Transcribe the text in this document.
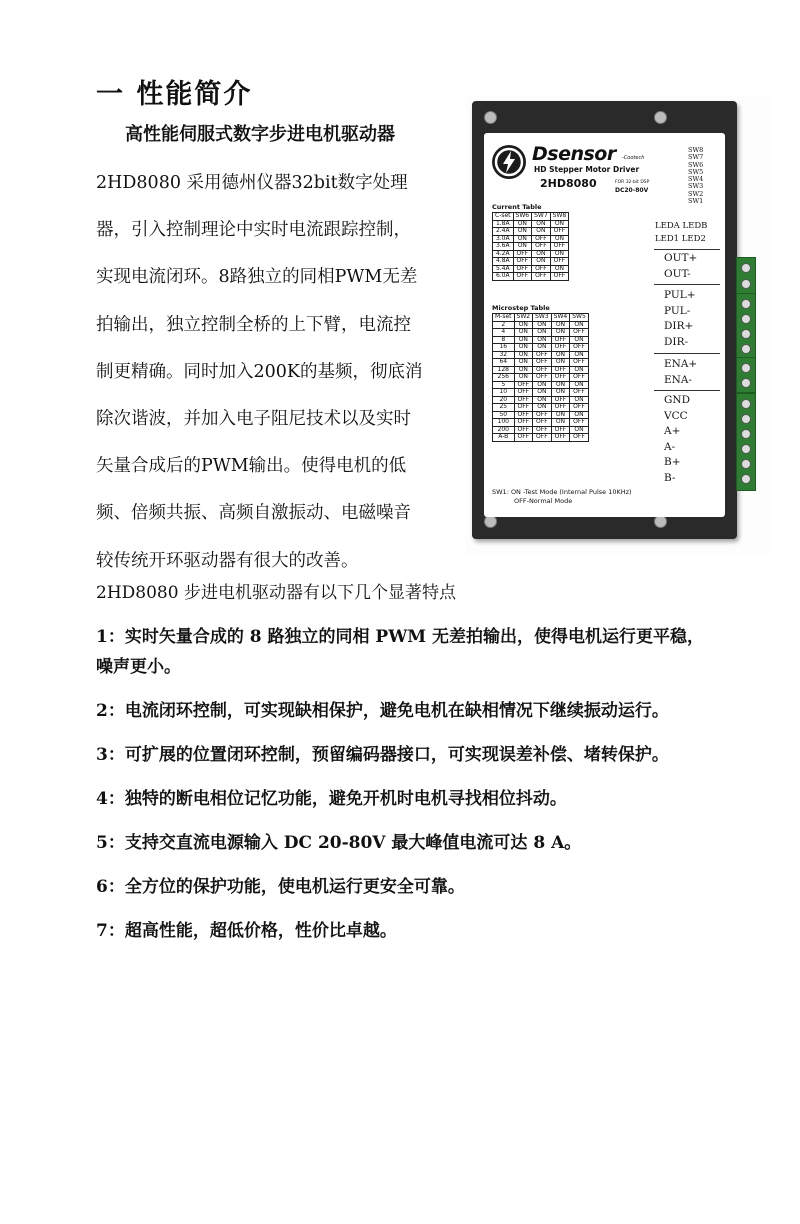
一 性能简介
高性能伺服式数字步进电机驱动器

2HD8080 采用德州仪器32bit数字处理
器，引入控制理论中实时电流跟踪控制，
实现电流闭环。8路独立的同相PWM无差
拍输出，独立控制全桥的上下臂，电流控
制更精确。同时加入200K的基频，彻底消
除次谐波，并加入电子阻尼技术以及实时
矢量合成后的PWM输出。使得电机的低
频、倍频共振、高频自激振动、电磁噪音
较传统开环驱动器有很大的改善。

2HD8080 步进电机驱动器有以下几个显著特点

1：实时矢量合成的 8 路独立的同相 PWM 无差拍输出，使得电机运行更平稳，
噪声更小。
2：电流闭环控制，可实现缺相保护，避免电机在缺相情况下继续振动运行。
3：可扩展的位置闭环控制，预留编码器接口，可实现误差补偿、堵转保护。
4：独特的断电相位记忆功能，避免开机时电机寻找相位抖动。
5：支持交直流电源输入 DC 20-80V 最大峰值电流可达 8 A。
6：全方位的保护功能，使电机运行更安全可靠。
7：超高性能，超低价格，性价比卓越。
Dsensor -Cootech
HD Stepper Motor Driver
2HD8080	FOR 32-bit DSP
DC20-80V
SW8
SW7
SW6
SW5
SW4
SW3
SW2
SW1
Current Table
C-set	SW6	SW7	SW8
1.8A	ON	ON	ON
2.4A	ON	ON	OFF
3.0A	ON	OFF	ON
3.6A	ON	OFF	OFF
4.2A	OFF	ON	ON
4.8A	OFF	ON	OFF
5.4A	OFF	OFF	ON
6.0A	OFF	OFF	OFF
Microstep Table
M-set	SW2	SW3	SW4	SW5
2	ON	ON	ON	ON
4	ON	ON	ON	OFF
8	ON	ON	OFF	ON
16	ON	ON	OFF	OFF
32	ON	OFF	ON	ON
64	ON	OFF	ON	OFF
128	ON	OFF	OFF	ON
256	ON	OFF	OFF	OFF
5	OFF	ON	ON	ON
10	OFF	ON	ON	OFF
20	OFF	ON	OFF	ON
25	OFF	ON	OFF	OFF
50	OFF	OFF	ON	ON
100	OFF	OFF	ON	OFF
200	OFF	OFF	OFF	ON
A-B	OFF	OFF	OFF	OFF
SW1: ON -Test Mode (Internal Pulse 10KHz)
OFF-Normal Mode
LEDA LEDB
LED1 LED2
OUT+
OUT-
PUL+
PUL-
DIR+
DIR-
ENA+
ENA-
GND
VCC
A+
A-
B+
B-
